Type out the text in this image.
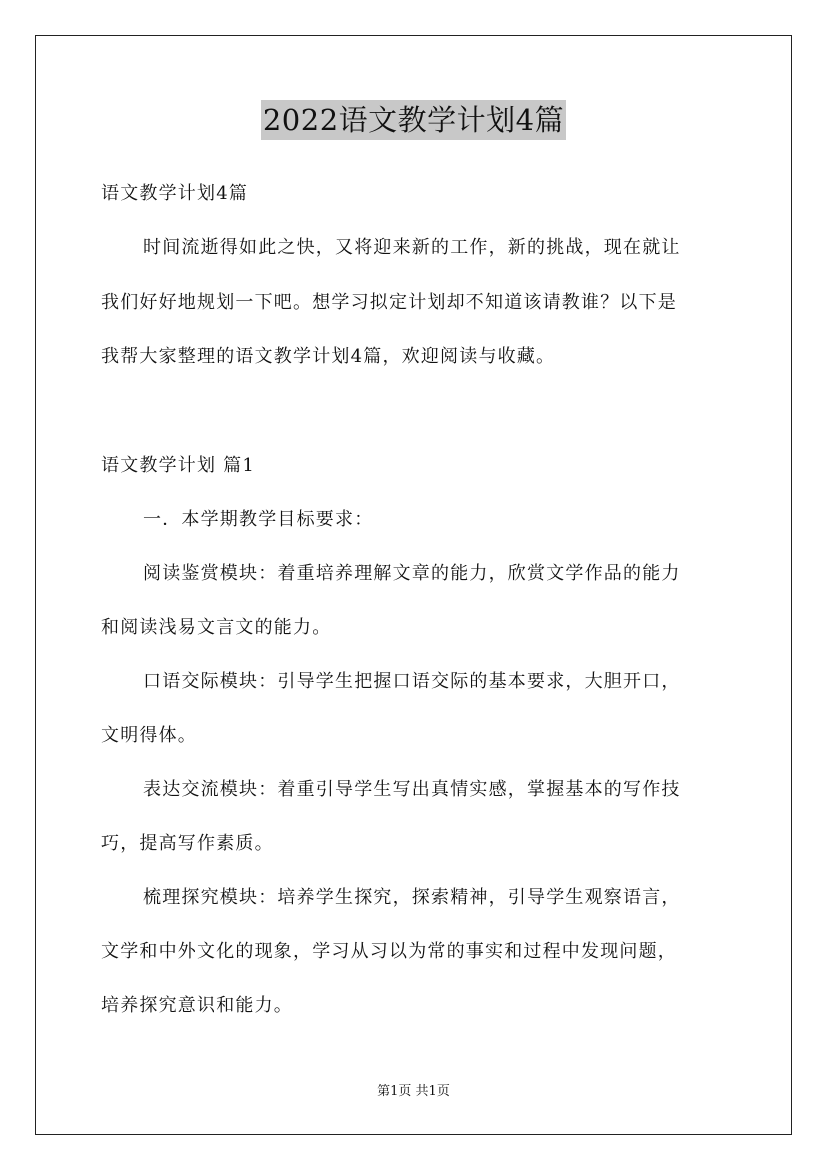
2022语文教学计划4篇
语文教学计划4篇
时间流逝得如此之快，又将迎来新的工作，新的挑战，现在就让
我们好好地规划一下吧。想学习拟定计划却不知道该请教谁？以下是
我帮大家整理的语文教学计划4篇，欢迎阅读与收藏。
语文教学计划 篇1
一．本学期教学目标要求：
阅读鉴赏模块：着重培养理解文章的能力，欣赏文学作品的能力
和阅读浅易文言文的能力。
口语交际模块：引导学生把握口语交际的基本要求，大胆开口，
文明得体。
表达交流模块：着重引导学生写出真情实感，掌握基本的写作技
巧，提高写作素质。
梳理探究模块：培养学生探究，探索精神，引导学生观察语言，
文学和中外文化的现象，学习从习以为常的事实和过程中发现问题，
培养探究意识和能力。
第1页 共1页
